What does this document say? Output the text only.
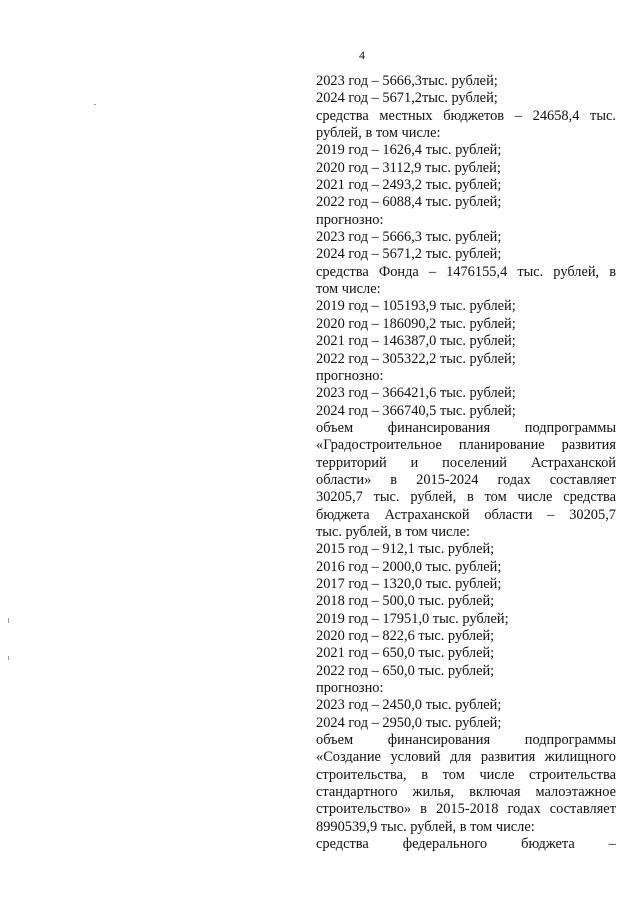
4
2023 год – 5666,3тыс. рублей;
2024 год – 5671,2тыс. рублей;
средства местных бюджетов – 24658,4 тыс.
рублей, в том числе:
2019 год – 1626,4 тыс. рублей;
2020 год – 3112,9 тыс. рублей;
2021 год – 2493,2 тыс. рублей;
2022 год – 6088,4 тыс. рублей;
прогнозно:
2023 год – 5666,3 тыс. рублей;
2024 год – 5671,2 тыс. рублей;
средства Фонда – 1476155,4 тыс. рублей, в
том числе:
2019 год – 105193,9 тыс. рублей;
2020 год – 186090,2 тыс. рублей;
2021 год – 146387,0 тыс. рублей;
2022 год – 305322,2 тыс. рублей;
прогнозно:
2023 год – 366421,6 тыс. рублей;
2024 год – 366740,5 тыс. рублей;
объем финансирования подпрограммы
«Градостроительное планирование развития
территорий и поселений Астраханской
области» в 2015-2024 годах составляет
30205,7 тыс. рублей, в том числе средства
бюджета Астраханской области – 30205,7
тыс. рублей, в том числе:
2015 год – 912,1 тыс. рублей;
2016 год – 2000,0 тыс. рублей;
2017 год – 1320,0 тыс. рублей;
2018 год – 500,0 тыс. рублей;
2019 год – 17951,0 тыс. рублей;
2020 год – 822,6 тыс. рублей;
2021 год – 650,0 тыс. рублей;
2022 год – 650,0 тыс. рублей;
прогнозно:
2023 год – 2450,0 тыс. рублей;
2024 год – 2950,0 тыс. рублей;
объем финансирования подпрограммы
«Создание условий для развития жилищного
строительства, в том числе строительства
стандартного жилья, включая малоэтажное
строительство» в 2015-2018 годах составляет
8990539,9 тыс. рублей, в том числе:
средства федерального бюджета –
